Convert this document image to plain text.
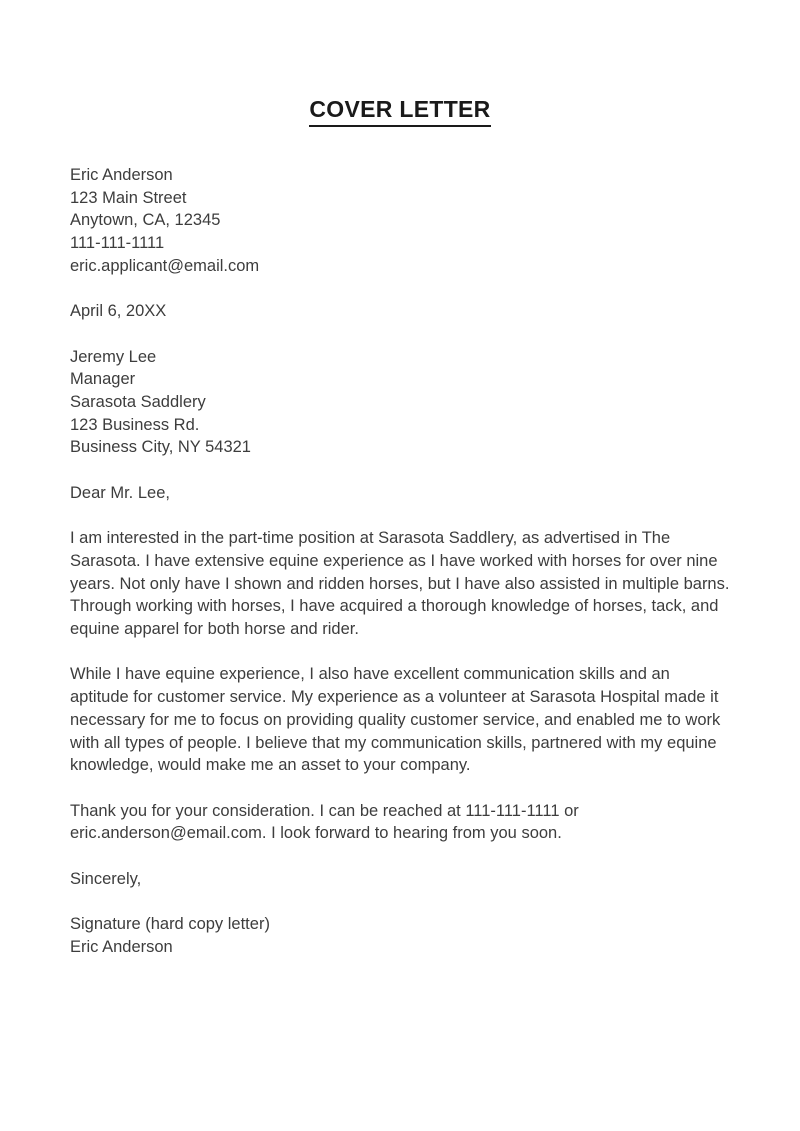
COVER LETTER
Eric Anderson
123 Main Street
Anytown, CA, 12345
111-111-1111
eric.applicant@email.com
April 6, 20XX
Jeremy Lee
Manager
Sarasota Saddlery
123 Business Rd.
Business City, NY 54321
Dear Mr. Lee,

I am interested in the part-time position at Sarasota Saddlery, as advertised in The Sarasota. I have extensive equine experience as I have worked with horses for over nine years. Not only have I shown and ridden horses, but I have also assisted in multiple barns. Through working with horses, I have acquired a thorough knowledge of horses, tack, and equine apparel for both horse and rider.

While I have equine experience, I also have excellent communication skills and an aptitude for customer service. My experience as a volunteer at Sarasota Hospital made it necessary for me to focus on providing quality customer service, and enabled me to work with all types of people. I believe that my communication skills, partnered with my equine knowledge, would make me an asset to your company.

Thank you for your consideration. I can be reached at 111-111-1111 or eric.anderson@email.com. I look forward to hearing from you soon.

Sincerely,
Signature (hard copy letter)
Eric Anderson
